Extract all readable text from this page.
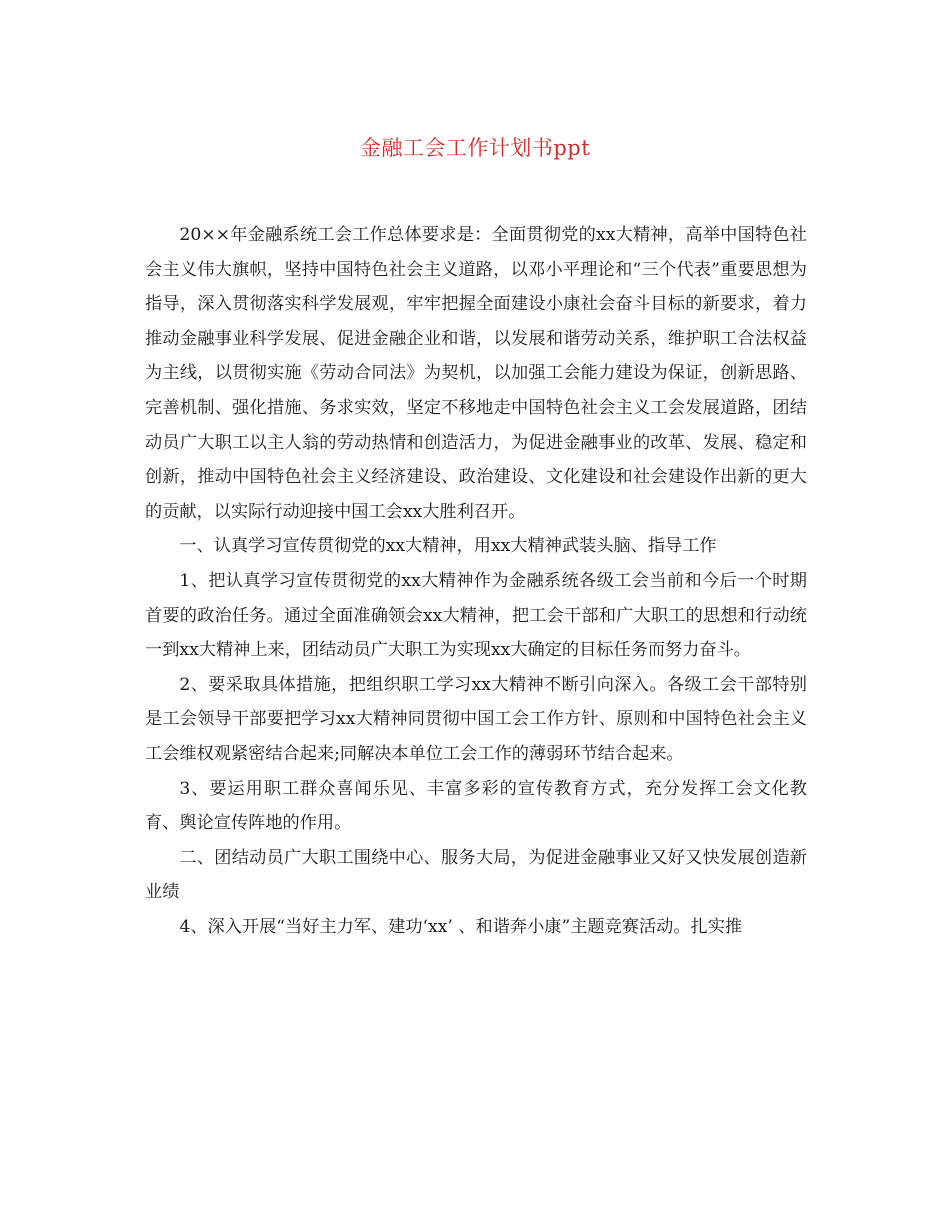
金融工会工作计划书ppt

20××年金融系统工会工作总体要求是：全面贯彻党的xx大精神，高举中国特色社会主义伟大旗帜，坚持中国特色社会主义道路，以邓小平理论和“三个代表”重要思想为指导，深入贯彻落实科学发展观，牢牢把握全面建设小康社会奋斗目标的新要求，着力推动金融事业科学发展、促进金融企业和谐，以发展和谐劳动关系，维护职工合法权益为主线，以贯彻实施《劳动合同法》为契机，以加强工会能力建设为保证，创新思路、完善机制、强化措施、务求实效，坚定不移地走中国特色社会主义工会发展道路，团结动员广大职工以主人翁的劳动热情和创造活力，为促进金融事业的改革、发展、稳定和创新，推动中国特色社会主义经济建设、政治建设、文化建设和社会建设作出新的更大的贡献，以实际行动迎接中国工会xx大胜利召开。

一、认真学习宣传贯彻党的xx大精神，用xx大精神武装头脑、指导工作

1、把认真学习宣传贯彻党的xx大精神作为金融系统各级工会当前和今后一个时期首要的政治任务。通过全面准确领会xx大精神，把工会干部和广大职工的思想和行动统一到xx大精神上来，团结动员广大职工为实现xx大确定的目标任务而努力奋斗。

2、要采取具体措施，把组织职工学习xx大精神不断引向深入。各级工会干部特别是工会领导干部要把学习xx大精神同贯彻中国工会工作方针、原则和中国特色社会主义工会维权观紧密结合起来;同解决本单位工会工作的薄弱环节结合起来。

3、要运用职工群众喜闻乐见、丰富多彩的宣传教育方式，充分发挥工会文化教育、舆论宣传阵地的作用。

二、团结动员广大职工围绕中心、服务大局，为促进金融事业又好又快发展创造新业绩

4、深入开展“当好主力军、建功‘xx’ 、和谐奔小康”主题竞赛活动。扎实推
